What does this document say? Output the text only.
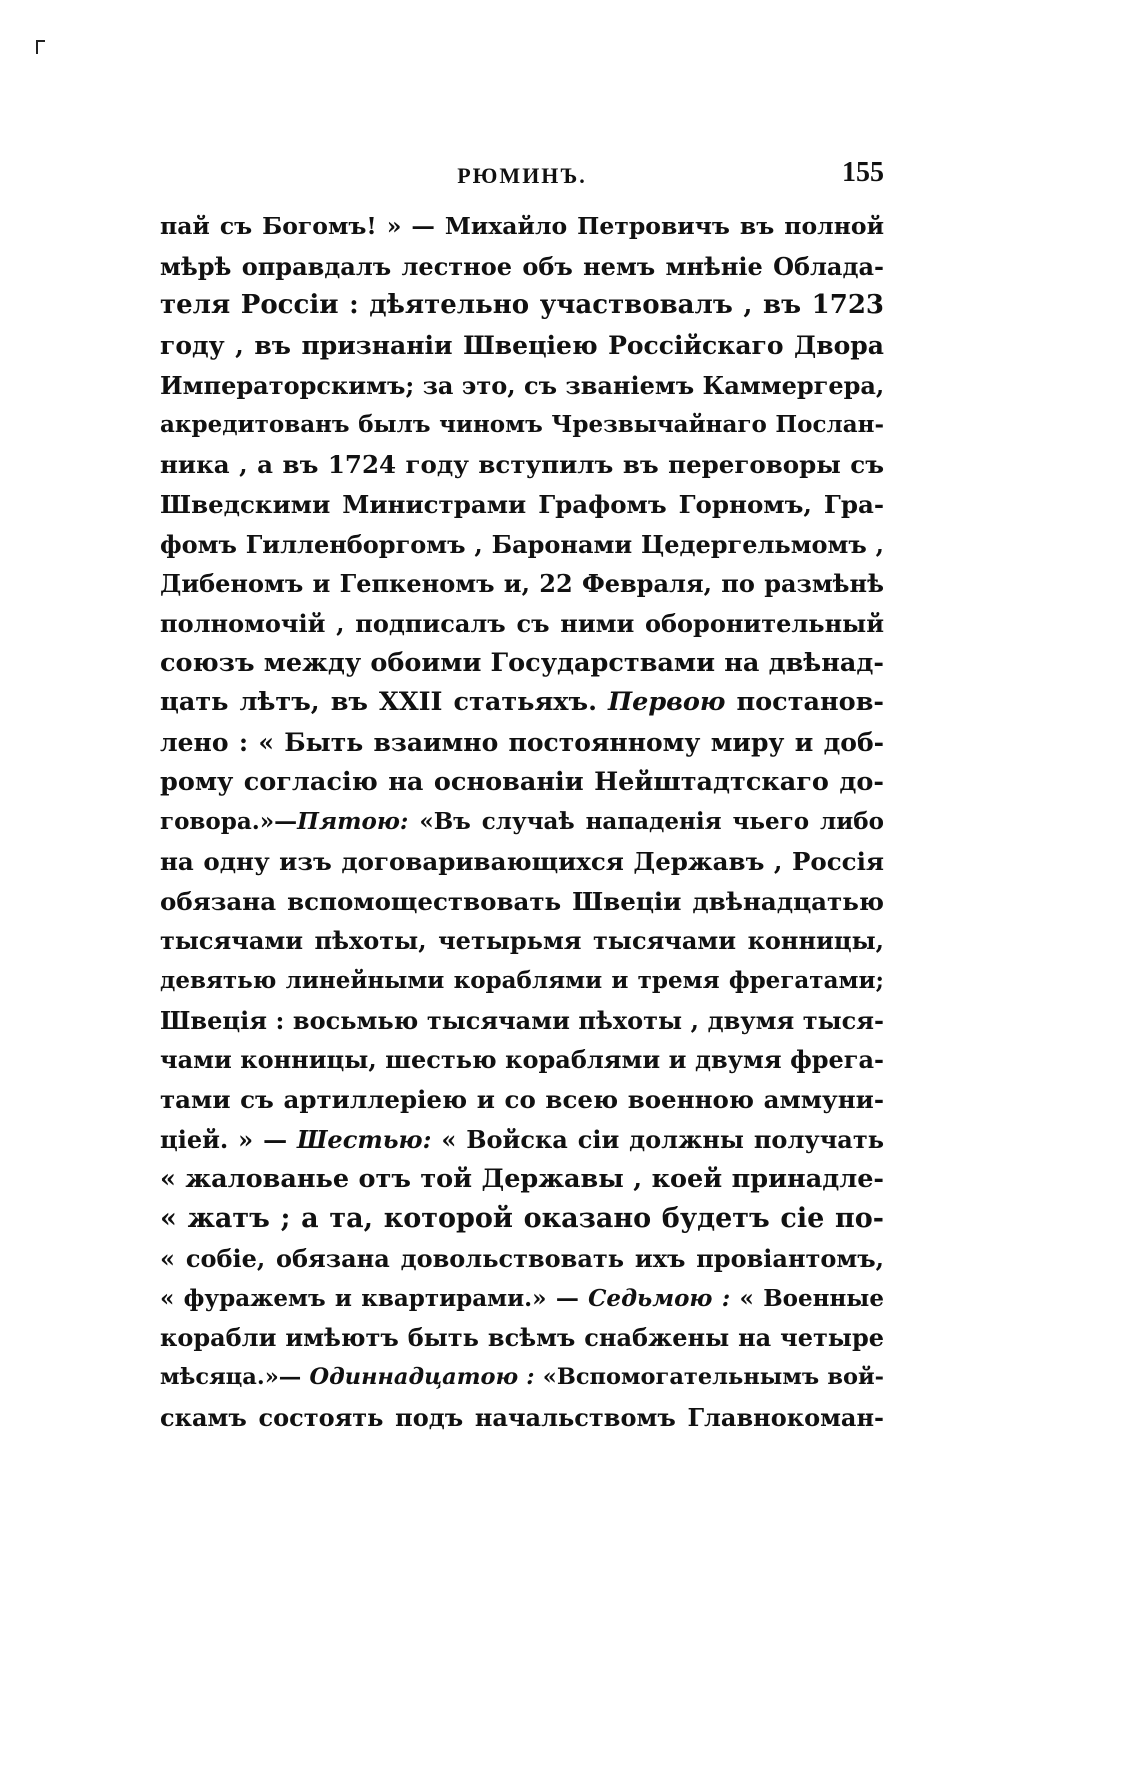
РЮМИНЪ.	155
пай съ Богомъ! » — Михайло Петровичъ въ полной
мѣрѣ оправдалъ лестное объ немъ мнѣніе Облада-
теля Россіи : дѣятельно участвовалъ , въ 1723
году , въ признаніи Швеціею Россійскаго Двора
Императорскимъ; за это, съ званіемъ Каммергера,
акредитованъ былъ чиномъ Чрезвычайнаго Послан-
ника , а въ 1724 году вступилъ въ переговоры съ
Шведскими Министрами Графомъ Горномъ, Гра-
фомъ Гилленборгомъ , Баронами Цедергельмомъ ,
Дибеномъ и Гепкеномъ и, 22 Февраля, по размѣнѣ
полномочій , подписалъ съ ними оборонительный
союзъ между обоими Государствами на двѣнад-
цать лѣтъ, въ XXII статьяхъ. Первою постанов-
лено : « Быть взаимно постоянному миру и доб-
рому согласію на основаніи Нейштадтскаго до-
говора.»—Пятою: «Въ случаѣ нападенія чьего либо
на одну изъ договаривающихся Державъ , Россія
обязана вспомоществовать Швеціи двѣнадцатью
тысячами пѣхоты, четырьмя тысячами конницы,
девятью линейными кораблями и тремя фрегатами;
Швеція : восьмью тысячами пѣхоты , двумя тыся-
чами конницы, шестью кораблями и двумя фрега-
тами съ артиллеріею и со всею военною аммуни-
ціей. » — Шестью: « Войска сіи должны получать
« жалованье отъ той Державы , коей принадле-
« жатъ ; а та, которой оказано будетъ сіе по-
« собіе, обязана довольствовать ихъ провіантомъ,
« фуражемъ и квартирами.» — Седьмою : « Военные
корабли имѣютъ быть всѣмъ снабжены на четыре
мѣсяца.»— Одиннадцатою : «Вспомогательнымъ вой-
скамъ состоять подъ начальствомъ Главнокоман-
